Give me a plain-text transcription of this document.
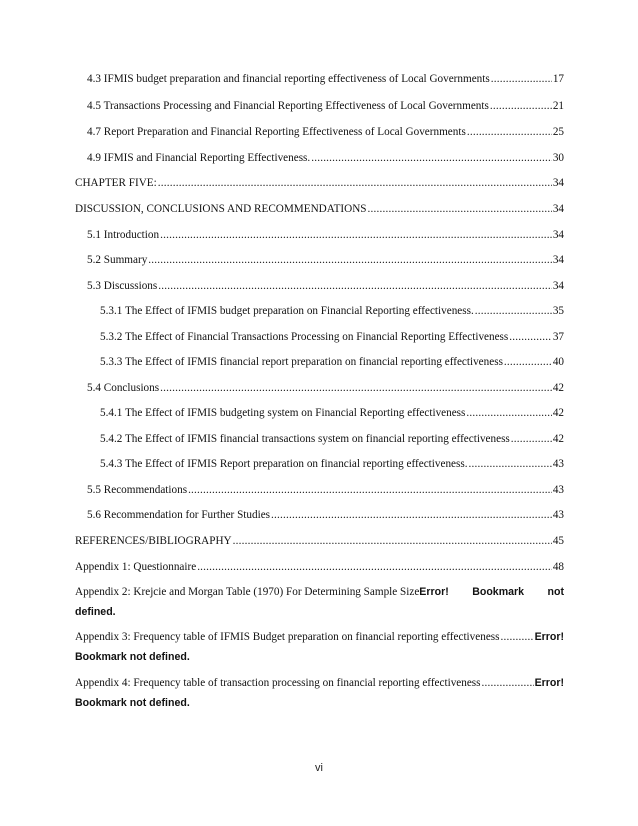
4.3 IFMIS budget preparation and financial reporting effectiveness of Local Governments .....	17
4.5 Transactions Processing and Financial Reporting Effectiveness of Local Governments .....	21
4.7 Report Preparation and Financial Reporting Effectiveness of Local Governments .....	25
4.9 IFMIS and Financial Reporting Effectiveness. .....	30
CHAPTER FIVE: .....	34
DISCUSSION, CONCLUSIONS AND RECOMMENDATIONS .....	34
5.1 Introduction .....	34
5.2 Summary .....	34
5.3 Discussions .....	34
5.3.1 The Effect of IFMIS budget preparation on Financial Reporting effectiveness. .....	35
5.3.2 The Effect of Financial Transactions Processing on Financial Reporting Effectiveness .....	37
5.3.3 The Effect of IFMIS financial report preparation on financial reporting effectiveness .....	40
5.4 Conclusions .....	42
5.4.1 The Effect of IFMIS budgeting system on Financial Reporting effectiveness .....	42
5.4.2 The Effect of IFMIS financial transactions system on financial reporting effectiveness .....	42
5.4.3 The Effect of IFMIS Report preparation on financial reporting effectiveness. .....	43
5.5 Recommendations .....	43
5.6 Recommendation for Further Studies .....	43
REFERENCES/BIBLIOGRAPHY .....	45
Appendix 1: Questionnaire .....	48
Appendix 2: Krejcie and Morgan Table (1970) For Determining Sample Size Error! Bookmark not
defined.
Appendix 3: Frequency table of IFMIS Budget preparation on financial reporting effectiveness .....	Error!
Bookmark not defined.
Appendix 4: Frequency table of transaction processing on financial reporting effectiveness .....	Error!
Bookmark not defined.
vi
